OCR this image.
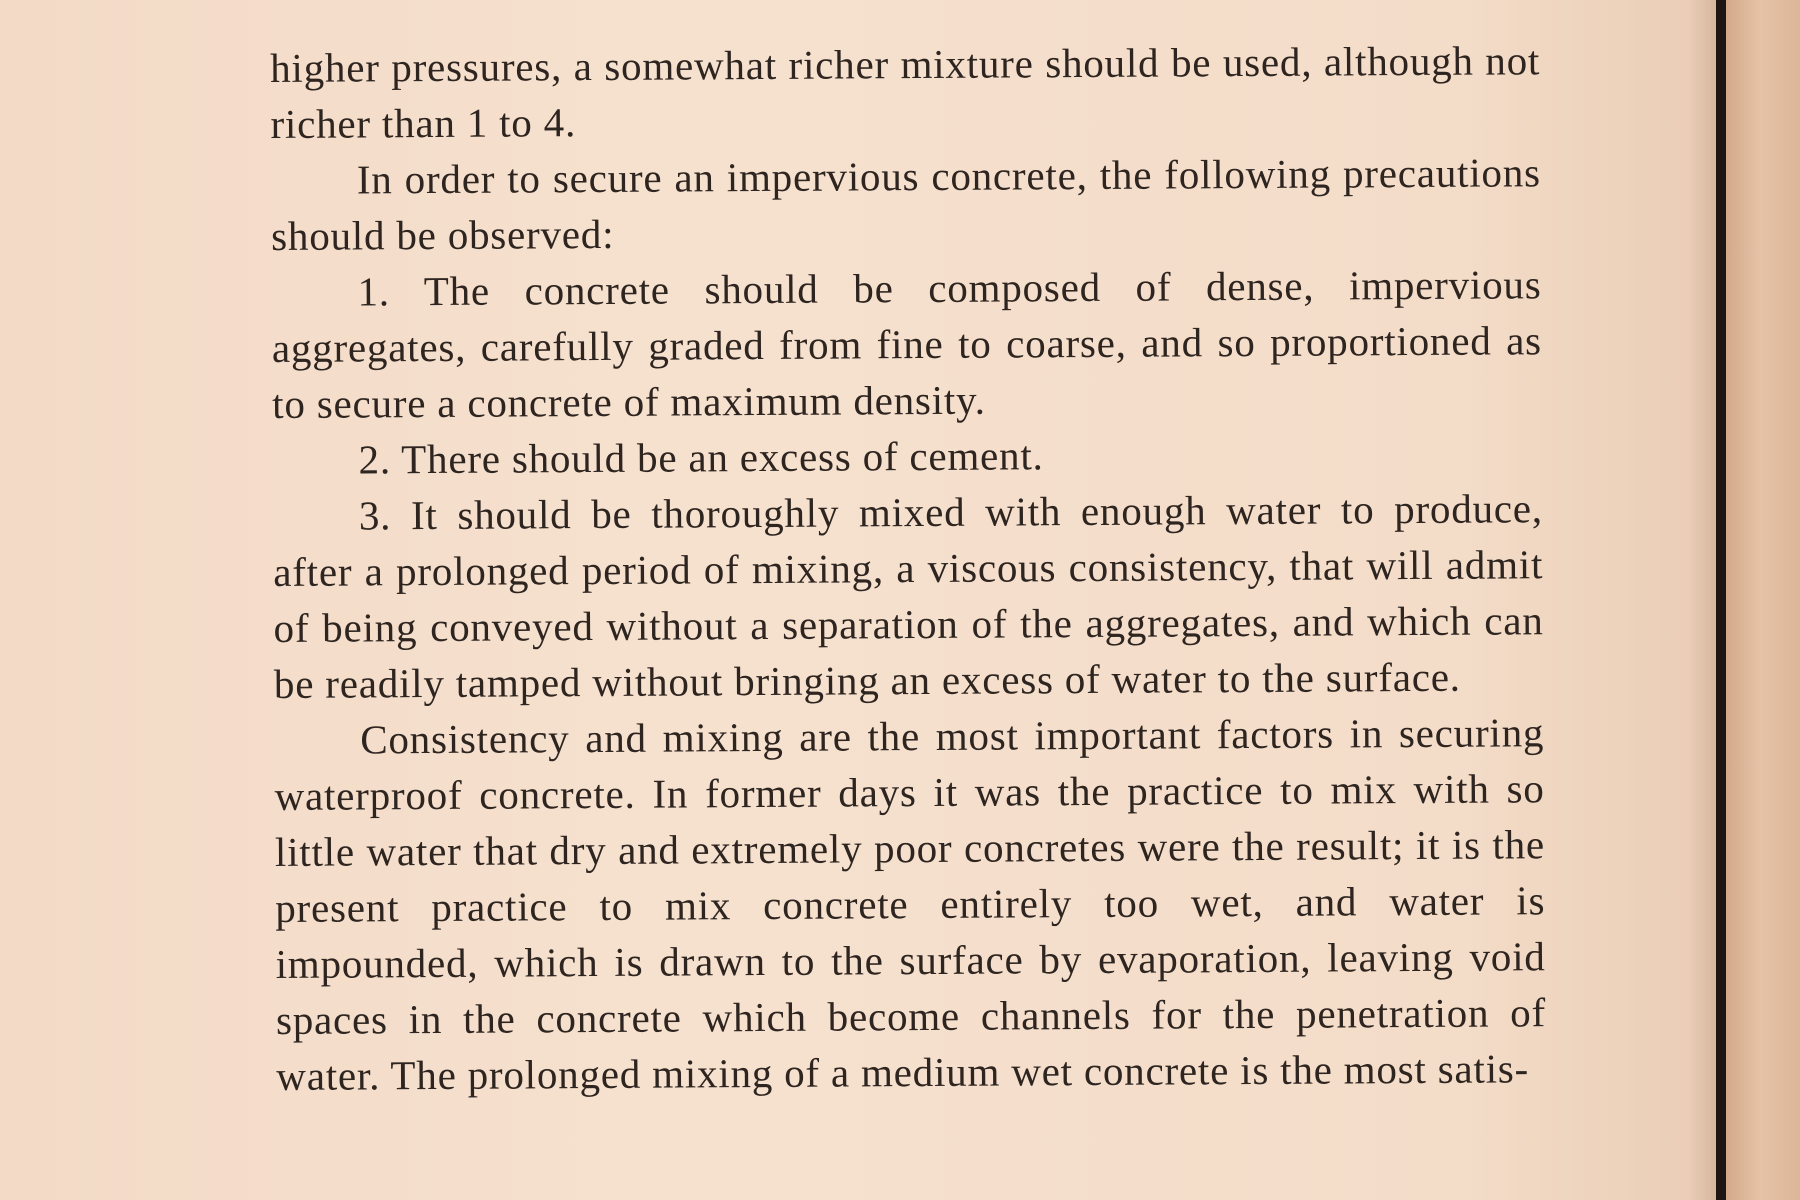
higher pressures, a somewhat richer mixture should be used, although not richer than 1 to 4.

In order to secure an impervious concrete, the following precautions should be observed:

1. The concrete should be composed of dense, impervious aggregates, carefully graded from fine to coarse, and so proportioned as to secure a concrete of maximum density.

2. There should be an excess of cement.

3. It should be thoroughly mixed with enough water to produce, after a prolonged period of mixing, a viscous consistency, that will admit of being conveyed without a separation of the aggregates, and which can be readily tamped without bringing an excess of water to the surface.

Consistency and mixing are the most important factors in securing waterproof concrete. In former days it was the practice to mix with so little water that dry and extremely poor concretes were the result; it is the present practice to mix concrete entirely too wet, and water is impounded, which is drawn to the surface by evaporation, leaving void spaces in the concrete which become channels for the penetration of water. The prolonged mixing of a medium wet concrete is the most satis-
